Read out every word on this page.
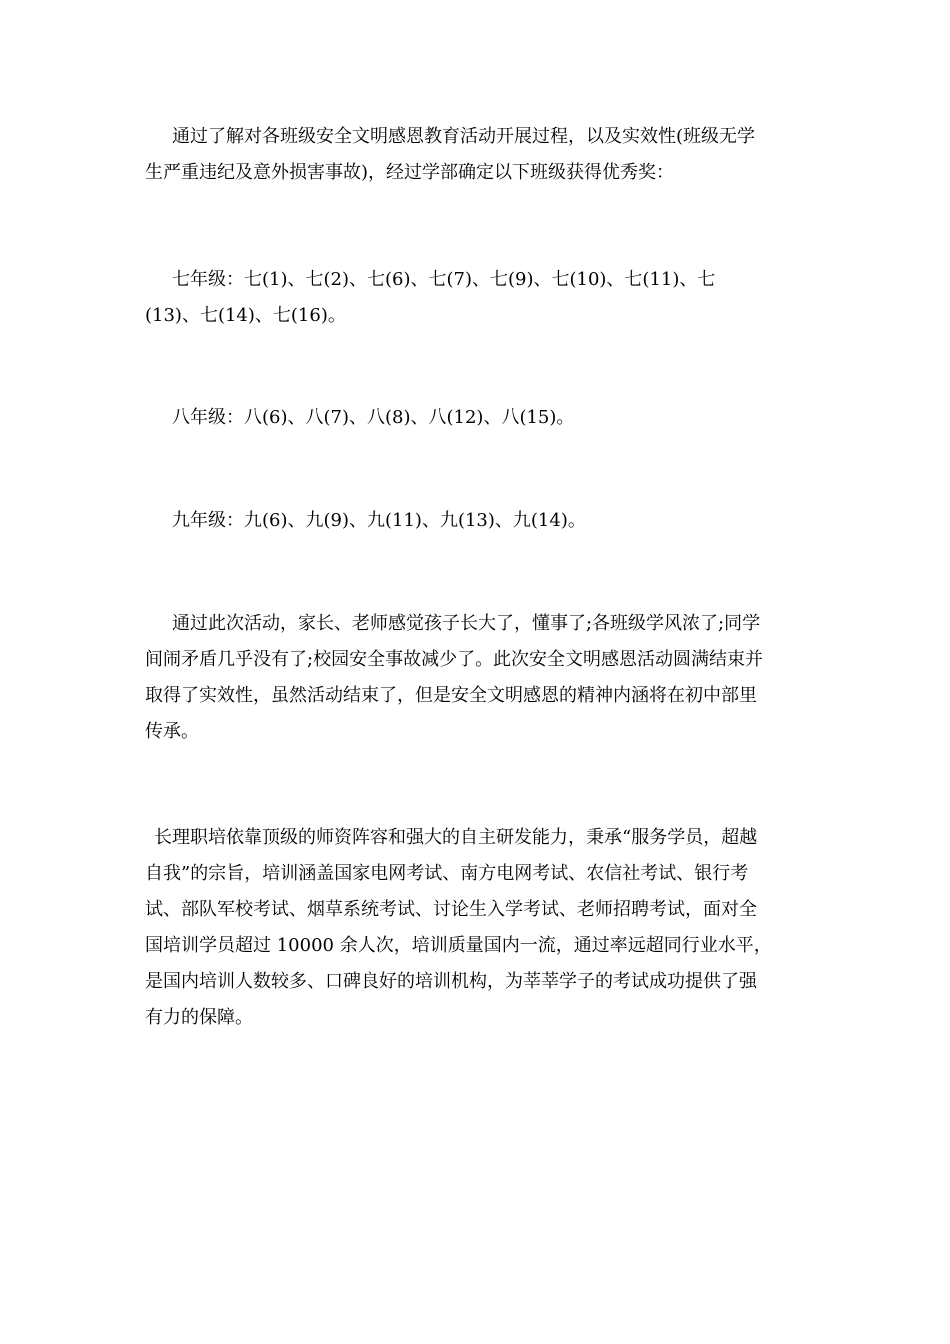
通过了解对各班级安全文明感恩教育活动开展过程，以及实效性(班级无学
生严重违纪及意外损害事故)，经过学部确定以下班级获得优秀奖：

七年级：七(1)、七(2)、七(6)、七(7)、七(9)、七(10)、七(11)、七
(13)、七(14)、七(16)。

八年级：八(6)、八(7)、八(8)、八(12)、八(15)。

九年级：九(6)、九(9)、九(11)、九(13)、九(14)。

通过此次活动，家长、老师感觉孩子长大了，懂事了;各班级学风浓了;同学
间闹矛盾几乎没有了;校园安全事故减少了。此次安全文明感恩活动圆满结束并
取得了实效性，虽然活动结束了，但是安全文明感恩的精神内涵将在初中部里
传承。

长理职培依靠顶级的师资阵容和强大的自主研发能力，秉承“服务学员，超越
自我”的宗旨，培训涵盖国家电网考试、南方电网考试、农信社考试、银行考
试、部队军校考试、烟草系统考试、讨论生入学考试、老师招聘考试，面对全
国培训学员超过 10000 余人次，培训质量国内一流，通过率远超同行业水平，
是国内培训人数较多、口碑良好的培训机构，为莘莘学子的考试成功提供了强
有力的保障。
